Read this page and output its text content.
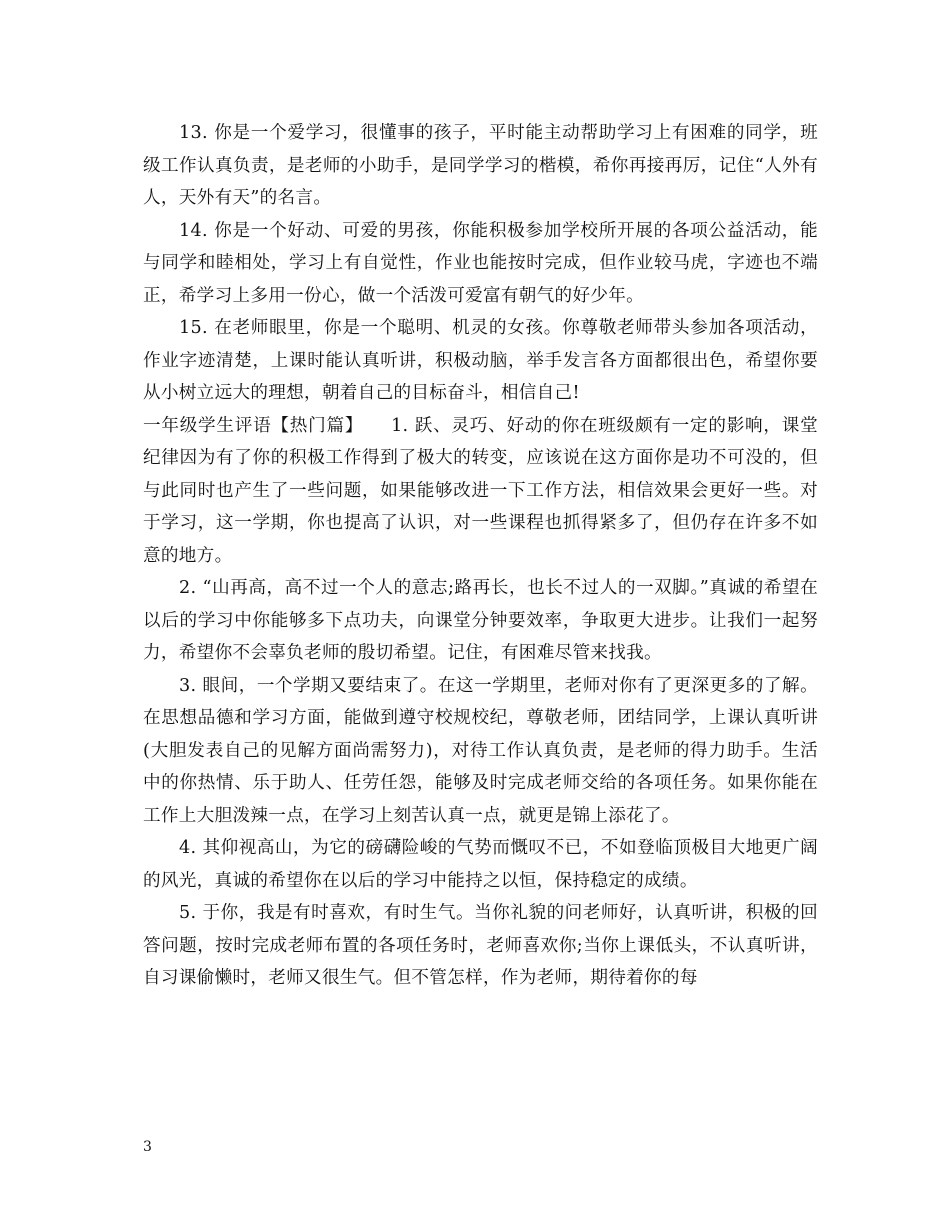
13. 你是一个爱学习，很懂事的孩子，平时能主动帮助学习上有困难的同学，班级工作认真负责，是老师的小助手，是同学学习的楷模，希你再接再厉，记住“人外有人，天外有天”的名言。

14. 你是一个好动、可爱的男孩，你能积极参加学校所开展的各项公益活动，能与同学和睦相处，学习上有自觉性，作业也能按时完成，但作业较马虎，字迹也不端正，希学习上多用一份心，做一个活泼可爱富有朝气的好少年。

15. 在老师眼里，你是一个聪明、机灵的女孩。你尊敬老师带头参加各项活动，作业字迹清楚，上课时能认真听讲，积极动脑，举手发言各方面都很出色，希望你要从小树立远大的理想，朝着自己的目标奋斗，相信自己!

一年级学生评语【热门篇】　　1. 跃、灵巧、好动的你在班级颇有一定的影响，课堂纪律因为有了你的积极工作得到了极大的转变，应该说在这方面你是功不可没的，但与此同时也产生了一些问题，如果能够改进一下工作方法，相信效果会更好一些。对于学习，这一学期，你也提高了认识，对一些课程也抓得紧多了，但仍存在许多不如意的地方。

2. “山再高，高不过一个人的意志;路再长，也长不过人的一双脚。”真诚的希望在以后的学习中你能够多下点功夫，向课堂分钟要效率，争取更大进步。让我们一起努力，希望你不会辜负老师的殷切希望。记住，有困难尽管来找我。

3. 眼间，一个学期又要结束了。在这一学期里，老师对你有了更深更多的了解。在思想品德和学习方面，能做到遵守校规校纪，尊敬老师，团结同学，上课认真听讲(大胆发表自己的见解方面尚需努力)，对待工作认真负责，是老师的得力助手。生活中的你热情、乐于助人、任劳任怨，能够及时完成老师交给的各项任务。如果你能在工作上大胆泼辣一点，在学习上刻苦认真一点，就更是锦上添花了。

4. 其仰视高山，为它的磅礴险峻的气势而慨叹不已，不如登临顶极目大地更广阔的风光，真诚的希望你在以后的学习中能持之以恒，保持稳定的成绩。

5. 于你，我是有时喜欢，有时生气。当你礼貌的问老师好，认真听讲，积极的回答问题，按时完成老师布置的各项任务时，老师喜欢你;当你上课低头，不认真听讲，自习课偷懒时，老师又很生气。但不管怎样，作为老师，期待着你的每

3
